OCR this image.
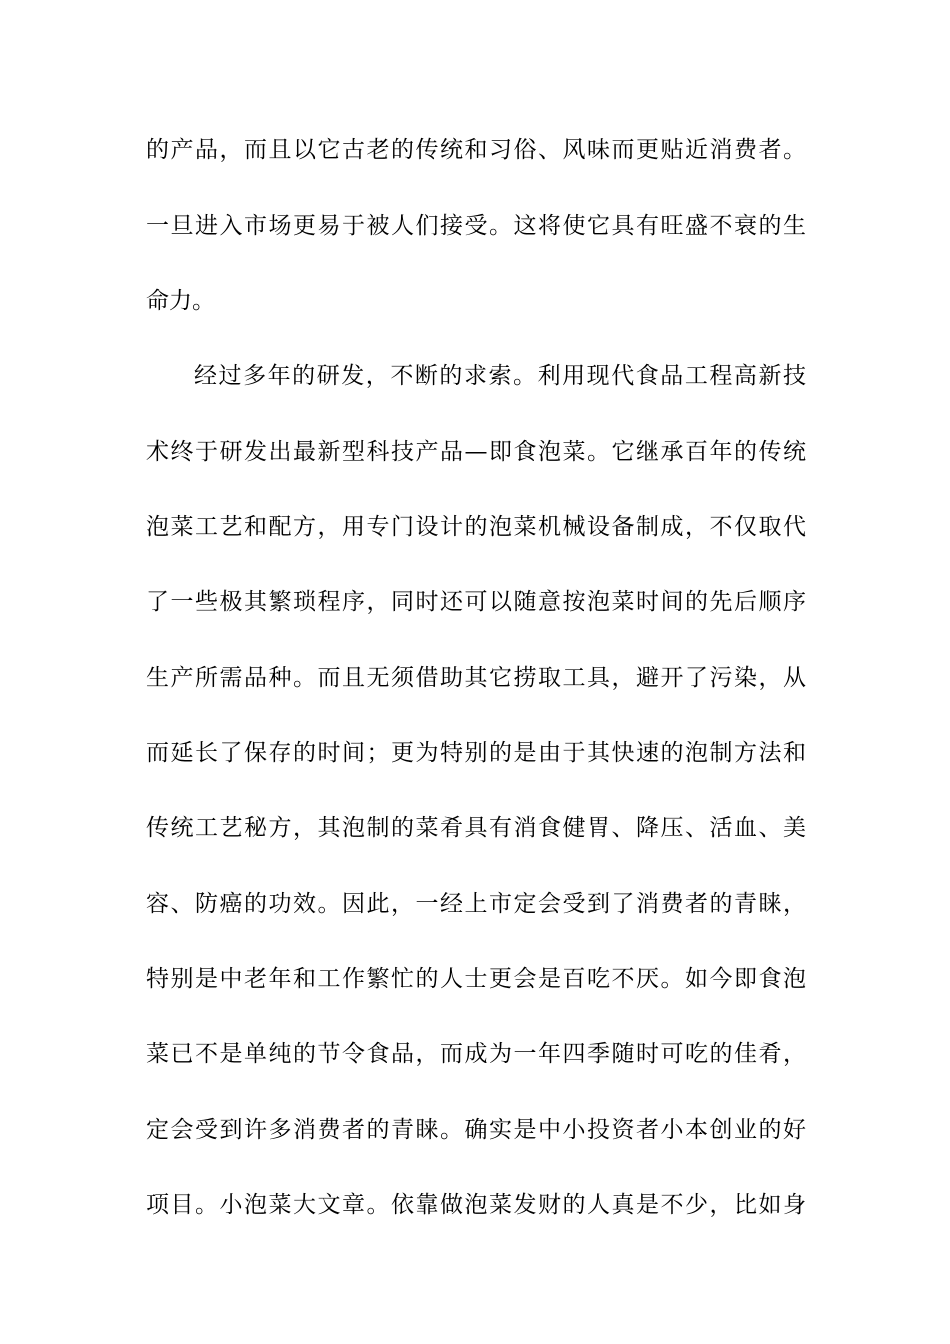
的产品，而且以它古老的传统和习俗、风味而更贴近消费者。
一旦进入市场更易于被人们接受。这将使它具有旺盛不衰的生
命力。
经过多年的研发，不断的求索。利用现代食品工程高新技
术终于研发出最新型科技产品—即食泡菜。它继承百年的传统
泡菜工艺和配方，用专门设计的泡菜机械设备制成，不仅取代
了一些极其繁琐程序，同时还可以随意按泡菜时间的先后顺序
生产所需品种。而且无须借助其它捞取工具，避开了污染，从
而延长了保存的时间；更为特别的是由于其快速的泡制方法和
传统工艺秘方，其泡制的菜肴具有消食健胃、降压、活血、美
容、防癌的功效。因此，一经上市定会受到了消费者的青睐，
特别是中老年和工作繁忙的人士更会是百吃不厌。如今即食泡
菜已不是单纯的节令食品，而成为一年四季随时可吃的佳肴，
定会受到许多消费者的青睐。确实是中小投资者小本创业的好
项目。小泡菜大文章。依靠做泡菜发财的人真是不少，比如身
